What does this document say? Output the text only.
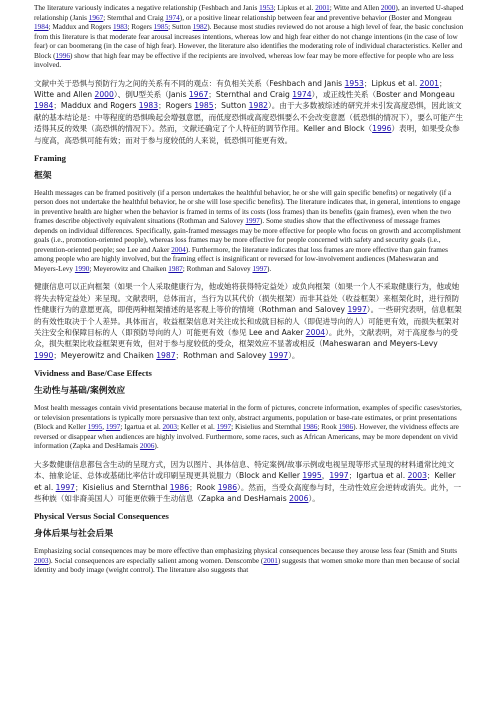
The literature variously indicates a negative relationship (Feshbach and Janis 1953; Lipkus et al. 2001; Witte and Allen 2000), an inverted U-shaped relationship (Janis 1967; Sternthal and Craig 1974), or a positive linear relationship between fear and preventive behavior (Boster and Mongeau 1984; Maddux and Rogers 1983; Rogers 1985; Sutton 1982). Because most studies reviewed do not arouse a high level of fear, the basic conclusion from this literature is that moderate fear arousal increases intentions, whereas low and high fear either do not change intentions (in the case of low fear) or can boomerang (in the case of high fear). However, the literature also identifies the moderating role of individual characteristics. Keller and Block (1996) show that high fear may be effective if the recipients are involved, whereas low fear may be more effective for people who are less involved.

文献中关于恐惧与预防行为之间的关系有不同的观点：有负相关关系（Feshbach and Janis 1953；Lipkus et al. 2001；Witte and Allen 2000）、倒U型关系（Janis 1967；Sternthal and Craig 1974），或正线性关系（Boster and Mongeau 1984；Maddux and Rogers 1983；Rogers 1985；Sutton 1982）。由于大多数被综述的研究并未引发高度恐惧，因此该文献的基本结论是：中等程度的恐惧唤起会增强意愿，而低度恐惧或高度恐惧要么不会改变意愿（低恐惧的情况下），要么可能产生适得其反的效果（高恐惧的情况下）。然而，文献还确定了个人特征的调节作用。Keller and Block（1996）表明，如果受众参与度高，高恐惧可能有效；而对于参与度较低的人来说，低恐惧可能更有效。

Framing
框架

Health messages can be framed positively (if a person undertakes the healthful behavior, he or she will gain specific benefits) or negatively (if a person does not undertake the healthful behavior, he or she will lose specific benefits). The literature indicates that, in general, intentions to engage in preventive health are higher when the behavior is framed in terms of its costs (loss frames) than its benefits (gain frames), even when the two frames describe objectively equivalent situations (Rothman and Salovey 1997). Some studies show that the effectiveness of message frames depends on individual differences. Specifically, gain-framed messages may be more effective for people who focus on growth and accomplishment goals (i.e., promotion-oriented people), whereas loss frames may be more effective for people concerned with safety and security goals (i.e., prevention-oriented people; see Lee and Aaker 2004). Furthermore, the literature indicates that loss frames are more effective than gain frames among people who are highly involved, but the framing effect is insignificant or reversed for low-involvement audiences (Maheswaran and Meyers-Levy 1990; Meyerowitz and Chaiken 1987; Rothman and Salovey 1997).

健康信息可以正向框架（如果一个人采取健康行为，他或她将获得特定益处）或负向框架（如果一个人不采取健康行为，他或她将失去特定益处）来呈现。文献表明，总体而言，当行为以其代价（损失框架）而非其益处（收益框架）来框架化时，进行预防性健康行为的意愿更高，即使两种框架描述的是客观上等价的情境（Rothman and Salovey 1997）。一些研究表明，信息框架的有效性取决于个人差异。具体而言，收益框架信息对关注成长和成就目标的人（即促进导向的人）可能更有效，而损失框架对关注安全和保障目标的人（即预防导向的人）可能更有效（参见 Lee and Aaker 2004）。此外，文献表明，对于高度参与的受众，损失框架比收益框架更有效，但对于参与度较低的受众，框架效应不显著或相反（Maheswaran and Meyers-Levy 1990；Meyerowitz and Chaiken 1987；Rothman and Salovey 1997）。

Vividness and Base/Case Effects
生动性与基础/案例效应

Most health messages contain vivid presentations because material in the form of pictures, concrete information, examples of specific cases/stories, or television presentations is typically more persuasive than text only, abstract arguments, population or base-rate estimates, or print presentations (Block and Keller 1995, 1997; Igartua et al. 2003; Keller et al. 1997; Kisielius and Sternthal 1986; Rook 1986). However, the vividness effects are reversed or disappear when audiences are highly involved. Furthermore, some races, such as African Americans, may be more dependent on vivid information (Zapka and DesHamais 2006).

大多数健康信息都包含生动的呈现方式，因为以图片、具体信息、特定案例/故事示例或电视呈现等形式呈现的材料通常比纯文本、抽象论证、总体或基础比率估计或印刷呈现更具说服力（Block and Keller 1995，1997；Igartua et al. 2003；Keller et al. 1997；Kisielius and Sternthal 1986；Rook 1986）。然而，当受众高度参与时，生动性效应会逆转或消失。此外，一些种族（如非裔美国人）可能更依赖于生动信息（Zapka and DesHamais 2006）。

Physical Versus Social Consequences
身体后果与社会后果

Emphasizing social consequences may be more effective than emphasizing physical consequences because they arouse less fear (Smith and Stutts 2003). Social consequences are especially salient among women. Denscombe (2001) suggests that women smoke more than men because of social identity and body image (weight control). The literature also suggests that
